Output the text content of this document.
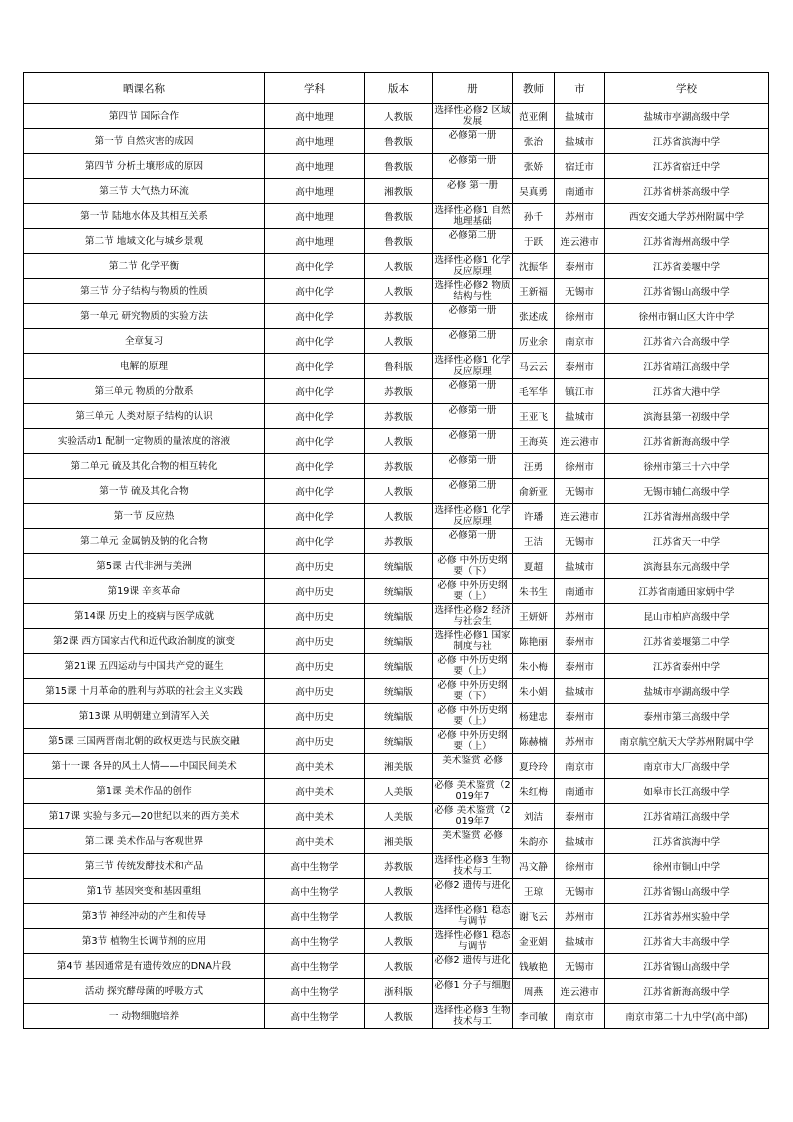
晒课名称	学科	版本	册	教师	市	学校
第四节 国际合作	高中地理	人教版	选择性必修2 区域发展	范亚俐	盐城市	盐城市亭湖高级中学
第一节 自然灾害的成因	高中地理	鲁教版	必修第一册	张治	盐城市	江苏省滨海中学
第四节 分析土壤形成的原因	高中地理	鲁教版	必修第一册	张娇	宿迁市	江苏省宿迁中学
第三节 大气热力环流	高中地理	湘教版	必修 第一册	吴真勇	南通市	江苏省栟茶高级中学
第一节 陆地水体及其相互关系	高中地理	鲁教版	选择性必修1 自然地理基础	孙千	苏州市	西安交通大学苏州附属中学
第二节 地域文化与城乡景观	高中地理	鲁教版	必修第二册	于跃	连云港市	江苏省海州高级中学
第二节 化学平衡	高中化学	人教版	选择性必修1 化学反应原理	沈振华	泰州市	江苏省姜堰中学
第三节 分子结构与物质的性质	高中化学	人教版	选择性必修2 物质结构与性	王新福	无锡市	江苏省锡山高级中学
第一单元 研究物质的实验方法	高中化学	苏教版	必修第一册	张述成	徐州市	徐州市铜山区大许中学
全章复习	高中化学	人教版	必修第二册	厉业余	南京市	江苏省六合高级中学
电解的原理	高中化学	鲁科版	选择性必修1 化学反应原理	马云云	泰州市	江苏省靖江高级中学
第三单元 物质的分散系	高中化学	苏教版	必修第一册	毛军华	镇江市	江苏省大港中学
第三单元 人类对原子结构的认识	高中化学	苏教版	必修第一册	王亚飞	盐城市	滨海县第一初级中学
实验活动1 配制一定物质的量浓度的溶液	高中化学	人教版	必修第一册	王海英	连云港市	江苏省新海高级中学
第二单元 硫及其化合物的相互转化	高中化学	苏教版	必修第一册	汪勇	徐州市	徐州市第三十六中学
第一节 硫及其化合物	高中化学	人教版	必修第二册	俞新亚	无锡市	无锡市辅仁高级中学
第一节 反应热	高中化学	人教版	选择性必修1 化学反应原理	许璠	连云港市	江苏省海州高级中学
第二单元 金属钠及钠的化合物	高中化学	苏教版	必修第一册	王洁	无锡市	江苏省天一中学
第5课 古代非洲与美洲	高中历史	统编版	必修 中外历史纲要（下）	夏超	盐城市	滨海县东元高级中学
第19课 辛亥革命	高中历史	统编版	必修 中外历史纲要（上）	朱书生	南通市	江苏省南通田家炳中学
第14课 历史上的疫病与医学成就	高中历史	统编版	选择性必修2 经济与社会生	王妍妍	苏州市	昆山市柏庐高级中学
第2课 西方国家古代和近代政治制度的演变	高中历史	统编版	选择性必修1 国家制度与社	陈艳丽	泰州市	江苏省姜堰第二中学
第21课 五四运动与中国共产党的诞生	高中历史	统编版	必修 中外历史纲要（上）	朱小梅	泰州市	江苏省泰州中学
第15课 十月革命的胜利与苏联的社会主义实践	高中历史	统编版	必修 中外历史纲要（下）	朱小娟	盐城市	盐城市亭湖高级中学
第13课 从明朝建立到清军入关	高中历史	统编版	必修 中外历史纲要（上）	杨建忠	泰州市	泰州市第三高级中学
第5课 三国两晋南北朝的政权更迭与民族交融	高中历史	统编版	必修 中外历史纲要（上）	陈赫楠	苏州市	南京航空航天大学苏州附属中学
第十一课 各异的风土人情——中国民间美术	高中美术	湘美版	美术鉴赏 必修	夏玲玲	南京市	南京市大厂高级中学
第1课 美术作品的创作	高中美术	人美版	必修 美术鉴赏（2019年7	朱红梅	南通市	如皋市长江高级中学
第17课 实验与多元—20世纪以来的西方美术	高中美术	人美版	必修 美术鉴赏（2019年7	刘洁	泰州市	江苏省靖江高级中学
第二课 美术作品与客观世界	高中美术	湘美版	美术鉴赏 必修	朱韵亦	盐城市	江苏省滨海中学
第三节 传统发酵技术和产品	高中生物学	苏教版	选择性必修3 生物技术与工	冯文静	徐州市	徐州市铜山中学
第1节 基因突变和基因重组	高中生物学	人教版	必修2 遗传与进化	王琼	无锡市	江苏省锡山高级中学
第3节 神经冲动的产生和传导	高中生物学	人教版	选择性必修1 稳态与调节	谢飞云	苏州市	江苏省苏州实验中学
第3节 植物生长调节剂的应用	高中生物学	人教版	选择性必修1 稳态与调节	金亚娟	盐城市	江苏省大丰高级中学
第4节 基因通常是有遗传效应的DNA片段	高中生物学	人教版	必修2 遗传与进化	钱敏艳	无锡市	江苏省锡山高级中学
活动 探究酵母菌的呼吸方式	高中生物学	浙科版	必修1 分子与细胞	周燕	连云港市	江苏省新海高级中学
一 动物细胞培养	高中生物学	人教版	选择性必修3 生物技术与工	李司敏	南京市	南京市第二十九中学(高中部)
